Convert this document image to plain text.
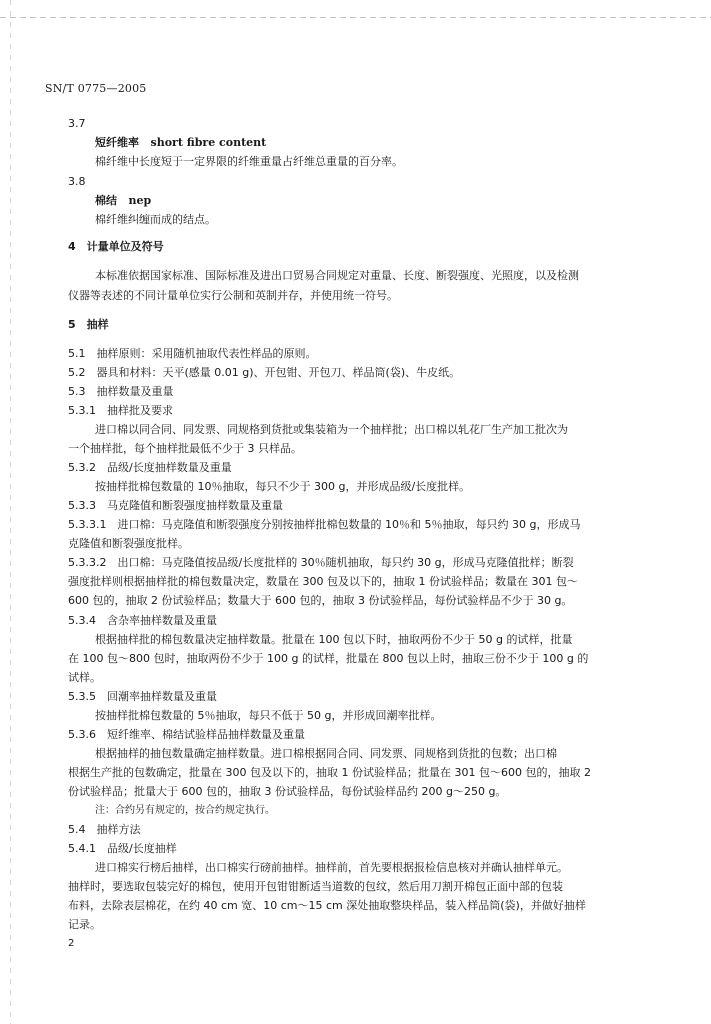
SN/T 0775—2005
3.7
短纤维率 short fibre content
棉纤维中长度短于一定界限的纤维重量占纤维总重量的百分率。
3.8
棉结 nep
棉纤维纠缠而成的结点。
4　计量单位及符号
本标准依据国家标准、国际标准及进出口贸易合同规定对重量、长度、断裂强度、光照度，以及检测
仪器等表述的不同计量单位实行公制和英制并存，并使用统一符号。
5　抽样
5.1　抽样原则：采用随机抽取代表性样品的原则。
5.2　器具和材料：天平(感量 0.01 g)、开包钳、开包刀、样品筒(袋)、牛皮纸。
5.3　抽样数量及重量
5.3.1　抽样批及要求
进口棉以同合同、同发票、同规格到货批或集装箱为一个抽样批；出口棉以轧花厂生产加工批次为
一个抽样批，每个抽样批最低不少于 3 只样品。
5.3.2　品级/长度抽样数量及重量
按抽样批棉包数量的 10％抽取，每只不少于 300 g，并形成品级/长度批样。
5.3.3　马克隆值和断裂强度抽样数量及重量
5.3.3.1　进口棉：马克隆值和断裂强度分别按抽样批棉包数量的 10％和 5％抽取，每只约 30 g，形成马
克隆值和断裂强度批样。
5.3.3.2　出口棉：马克隆值按品级/长度批样的 30％随机抽取，每只约 30 g，形成马克隆值批样；断裂
强度批样则根据抽样批的棉包数量决定，数量在 300 包及以下的，抽取 1 份试验样品；数量在 301 包～
600 包的，抽取 2 份试验样品；数量大于 600 包的，抽取 3 份试验样品，每份试验样品不少于 30 g。
5.3.4　含杂率抽样数量及重量
根据抽样批的棉包数量决定抽样数量。批量在 100 包以下时，抽取两份不少于 50 g 的试样，批量
在 100 包～800 包时，抽取两份不少于 100 g 的试样，批量在 800 包以上时，抽取三份不少于 100 g 的
试样。
5.3.5　回潮率抽样数量及重量
按抽样批棉包数量的 5％抽取，每只不低于 50 g，并形成回潮率批样。
5.3.6　短纤维率、棉结试验样品抽样数量及重量
根据抽样的抽包数量确定抽样数量。进口棉根据同合同、同发票、同规格到货批的包数；出口棉
根据生产批的包数确定，批量在 300 包及以下的，抽取 1 份试验样品；批量在 301 包～600 包的，抽取 2
份试验样品；批量大于 600 包的，抽取 3 份试验样品，每份试验样品约 200 g～250 g。
注：合约另有规定的，按合约规定执行。
5.4　抽样方法
5.4.1　品级/长度抽样
进口棉实行榜后抽样，出口棉实行磅前抽样。抽样前，首先要根据报检信息核对并确认抽样单元。
抽样时，要选取包装完好的棉包，使用开包钳钳断适当道数的包纹，然后用刀割开棉包正面中部的包装
布料，去除表层棉花，在约 40 cm 宽、10 cm～15 cm 深处抽取整块样品，装入样品筒(袋)，并做好抽样
记录。
2
